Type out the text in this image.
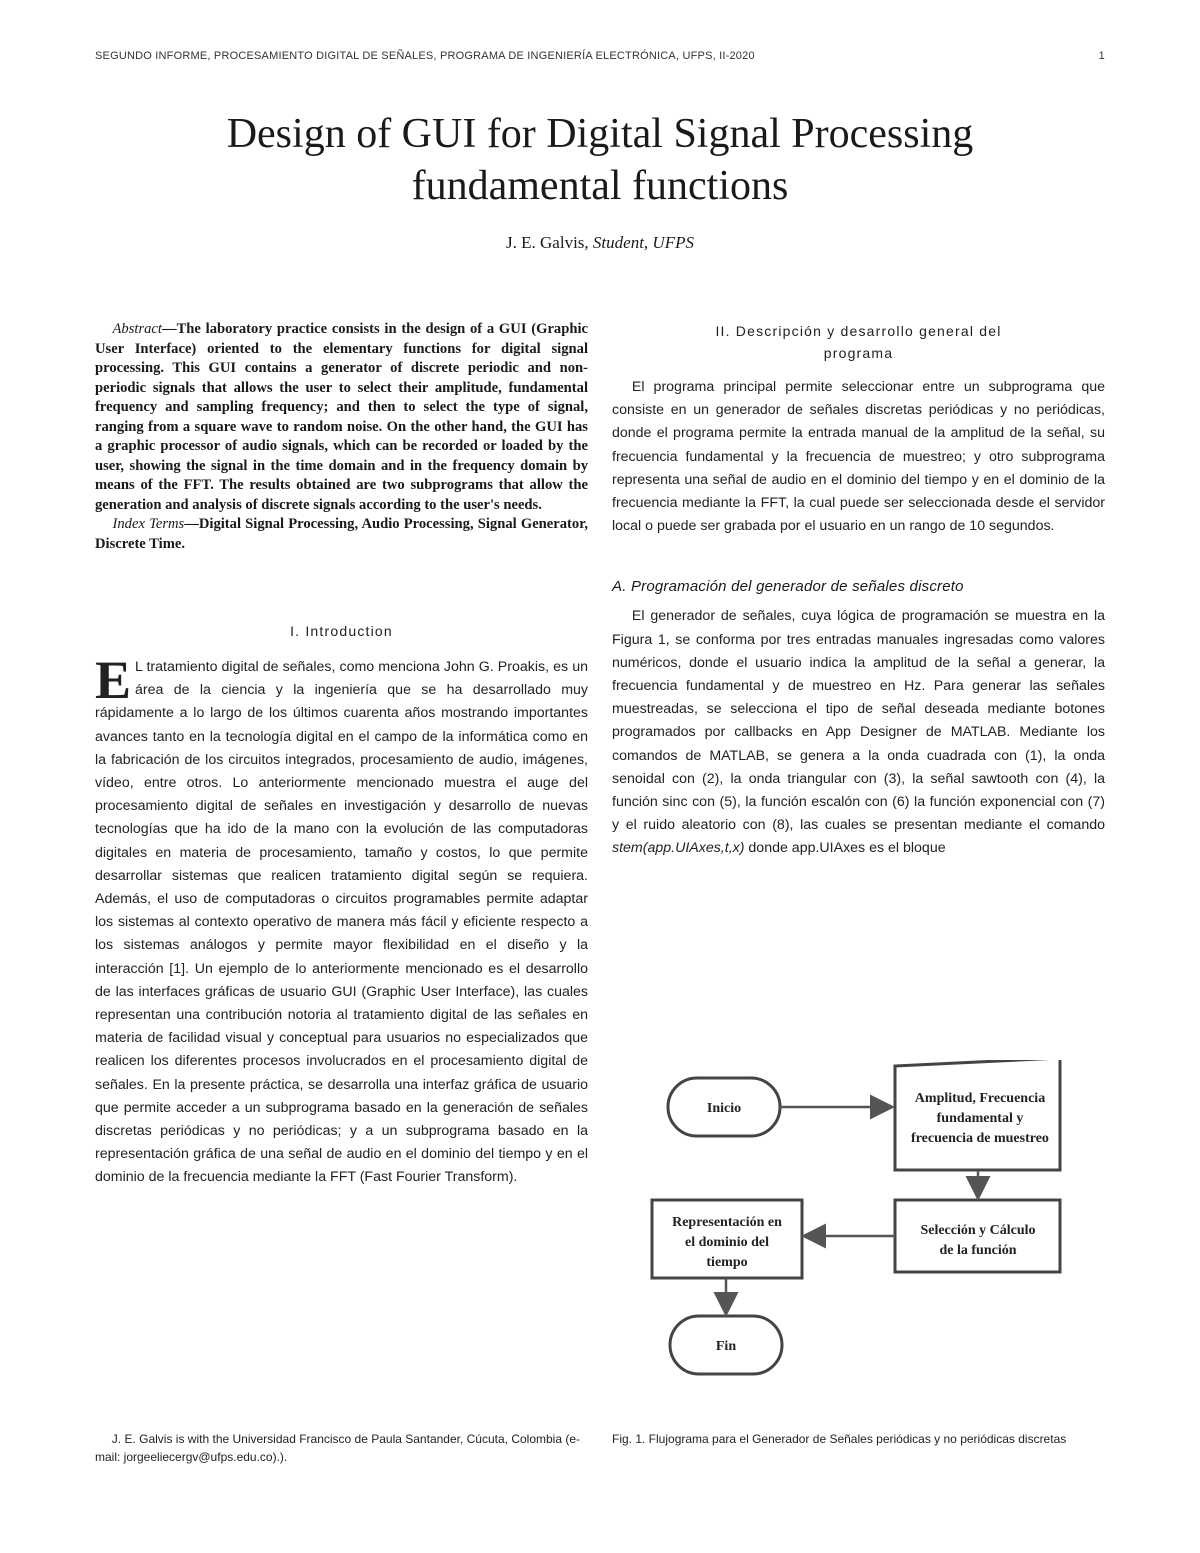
SEGUNDO INFORME, PROCESAMIENTO DIGITAL DE SEÑALES, PROGRAMA DE INGENIERÍA ELECTRÓNICA, UFPS, II-2020	1
Design of GUI for Digital Signal Processing
fundamental functions
J. E. Galvis, Student, UFPS

Abstract—The laboratory practice consists in the design of a GUI (Graphic User Interface) oriented to the elementary functions for digital signal processing. This GUI contains a generator of discrete periodic and non-periodic signals that allows the user to select their amplitude, fundamental frequency and sampling frequency; and then to select the type of signal, ranging from a square wave to random noise. On the other hand, the GUI has a graphic processor of audio signals, which can be recorded or loaded by the user, showing the signal in the time domain and in the frequency domain by means of the FFT. The results obtained are two subprograms that allow the generation and analysis of discrete signals according to the user's needs.

Index Terms—Digital Signal Processing, Audio Processing, Signal Generator, Discrete Time.

I. Introduction

E L tratamiento digital de señales, como menciona John G. Proakis, es un área de la ciencia y la ingeniería que se ha desarrollado muy rápidamente a lo largo de los últimos cuarenta años mostrando importantes avances tanto en la tecnología digital en el campo de la informática como en la fabricación de los circuitos integrados, procesamiento de audio, imágenes, vídeo, entre otros. Lo anteriormente mencionado muestra el auge del procesamiento digital de señales en investigación y desarrollo de nuevas tecnologías que ha ido de la mano con la evolución de las computadoras digitales en materia de procesamiento, tamaño y costos, lo que permite desarrollar sistemas que realicen tratamiento digital según se requiera. Además, el uso de computadoras o circuitos programables permite adaptar los sistemas al contexto operativo de manera más fácil y eficiente respecto a los sistemas análogos y permite mayor flexibilidad en el diseño y la interacción [1]. Un ejemplo de lo anteriormente mencionado es el desarrollo de las interfaces gráficas de usuario GUI (Graphic User Interface), las cuales representan una contribución notoria al tratamiento digital de las señales en materia de facilidad visual y conceptual para usuarios no especializados que realicen los diferentes procesos involucrados en el procesamiento digital de señales. En la presente práctica, se desarrolla una interfaz gráfica de usuario que permite acceder a un subprograma basado en la generación de señales discretas periódicas y no periódicas; y a un subprograma basado en la representación gráfica de una señal de audio en el dominio del tiempo y en el dominio de la frecuencia mediante la FFT (Fast Fourier Transform).

II. Descripción y desarrollo general del
programa

El programa principal permite seleccionar entre un subprograma que consiste en un generador de señales discretas periódicas y no periódicas, donde el programa permite la entrada manual de la amplitud de la señal, su frecuencia fundamental y la frecuencia de muestreo; y otro subprograma representa una señal de audio en el dominio del tiempo y en el dominio de la frecuencia mediante la FFT, la cual puede ser seleccionada desde el servidor local o puede ser grabada por el usuario en un rango de 10 segundos.

A. Programación del generador de señales discreto

El generador de señales, cuya lógica de programación se muestra en la Figura 1, se conforma por tres entradas manuales ingresadas como valores numéricos, donde el usuario indica la amplitud de la señal a generar, la frecuencia fundamental y de muestreo en Hz. Para generar las señales muestreadas, se selecciona el tipo de señal deseada mediante botones programados por callbacks en App Designer de MATLAB. Mediante los comandos de MATLAB, se genera a la onda cuadrada con (1), la onda senoidal con (2), la onda triangular con (3), la señal sawtooth con (4), la función sinc con (5), la función escalón con (6) la función exponencial con (7) y el ruido aleatorio con (8), las cuales se presentan mediante el comando stem(app.UIAxes,t,x) donde app.UIAxes es el bloque

Inicio
Amplitud, Frecuencia
fundamental y
frecuencia de muestreo
Selección y Cálculo
de la función
Representación en
el dominio del
tiempo
Fin
J. E. Galvis is with the Universidad Francisco de Paula Santander, Cúcuta, Colombia (e-mail: jorgeeliecergv@ufps.edu.co).).
Fig. 1. Flujograma para el Generador de Señales periódicas y no periódicas discretas
